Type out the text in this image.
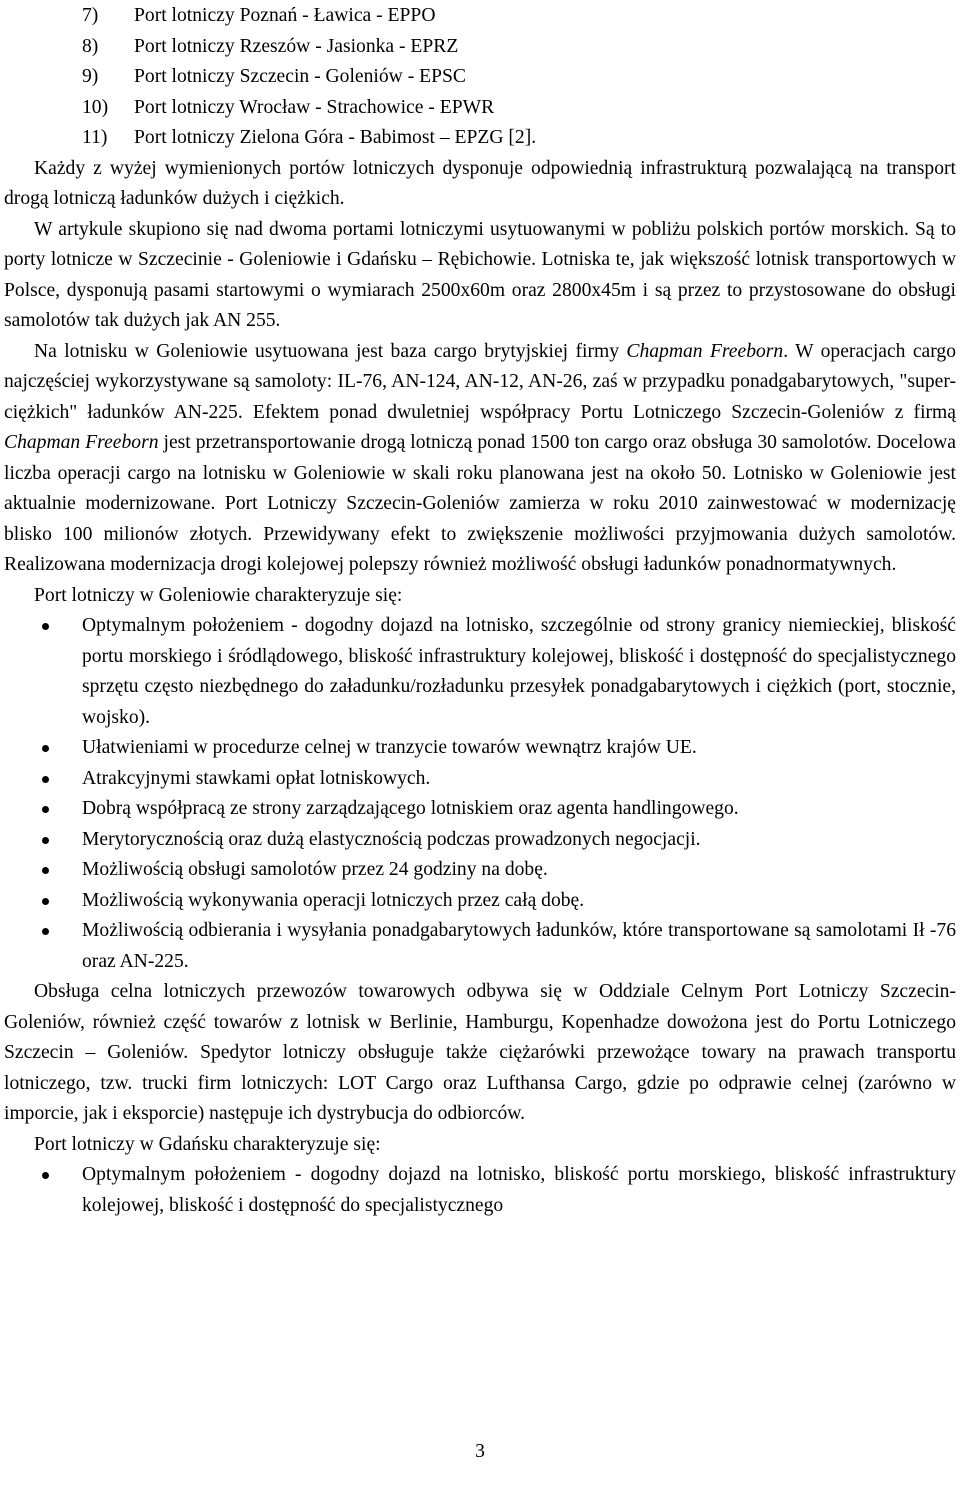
7)	Port lotniczy Poznań - Ławica - EPPO
8)	Port lotniczy Rzeszów - Jasionka - EPRZ
9)	Port lotniczy Szczecin - Goleniów - EPSC
10)	Port lotniczy Wrocław - Strachowice - EPWR
11)	Port lotniczy Zielona Góra - Babimost – EPZG [2].

Każdy z wyżej wymienionych portów lotniczych dysponuje odpowiednią infrastrukturą pozwalającą na transport drogą lotniczą ładunków dużych i ciężkich.

W artykule skupiono się nad dwoma portami lotniczymi usytuowanymi w pobliżu polskich portów morskich. Są to porty lotnicze w Szczecinie - Goleniowie i Gdańsku – Rębichowie. Lotniska te, jak większość lotnisk transportowych w Polsce, dysponują pasami startowymi o wymiarach 2500x60m oraz 2800x45m i są przez to przystosowane do obsługi samolotów tak dużych jak AN 255.

Na lotnisku w Goleniowie usytuowana jest baza cargo brytyjskiej firmy Chapman Freeborn. W operacjach cargo najczęściej wykorzystywane są samoloty: IL-76, AN-124, AN-12, AN-26, zaś w przypadku ponadgabarytowych, "super-ciężkich" ładunków AN-225. Efektem ponad dwuletniej współpracy Portu Lotniczego Szczecin-Goleniów z firmą Chapman Freeborn jest przetransportowanie drogą lotniczą ponad 1500 ton cargo oraz obsługa 30 samolotów. Docelowa liczba operacji cargo na lotnisku w Goleniowie w skali roku planowana jest na około 50. Lotnisko w Goleniowie jest aktualnie modernizowane. Port Lotniczy Szczecin-Goleniów zamierza w roku 2010 zainwestować w modernizację blisko 100 milionów złotych. Przewidywany efekt to zwiększenie możliwości przyjmowania dużych samolotów. Realizowana modernizacja drogi kolejowej polepszy również możliwość obsługi ładunków ponadnormatywnych.

Port lotniczy w Goleniowie charakteryzuje się:

Optymalnym położeniem - dogodny dojazd na lotnisko, szczególnie od strony granicy niemieckiej, bliskość portu morskiego i śródlądowego, bliskość infrastruktury kolejowej, bliskość i dostępność do specjalistycznego sprzętu często niezbędnego do załadunku/rozładunku przesyłek ponadgabarytowych i ciężkich (port, stocznie, wojsko).
Ułatwieniami w procedurze celnej w tranzycie towarów wewnątrz krajów UE.
Atrakcyjnymi stawkami opłat lotniskowych.
Dobrą współpracą ze strony zarządzającego lotniskiem oraz agenta handlingowego.
Merytorycznością oraz dużą elastycznością podczas prowadzonych negocjacji.
Możliwością obsługi samolotów przez 24 godziny na dobę.
Możliwością wykonywania operacji lotniczych przez całą dobę.
Możliwością odbierania i wysyłania ponadgabarytowych ładunków, które transportowane są samolotami Ił -76 oraz AN-225.

Obsługa celna lotniczych przewozów towarowych odbywa się w Oddziale Celnym Port Lotniczy Szczecin-Goleniów, również część towarów z lotnisk w Berlinie, Hamburgu, Kopenhadze dowożona jest do Portu Lotniczego Szczecin – Goleniów. Spedytor lotniczy obsługuje także ciężarówki przewożące towary na prawach transportu lotniczego, tzw. trucki firm lotniczych: LOT Cargo oraz Lufthansa Cargo, gdzie po odprawie celnej (zarówno w imporcie, jak i eksporcie) następuje ich dystrybucja do odbiorców.

Port lotniczy w Gdańsku charakteryzuje się:

Optymalnym położeniem - dogodny dojazd na lotnisko, bliskość portu morskiego, bliskość infrastruktury kolejowej, bliskość i dostępność do specjalistycznego
3
